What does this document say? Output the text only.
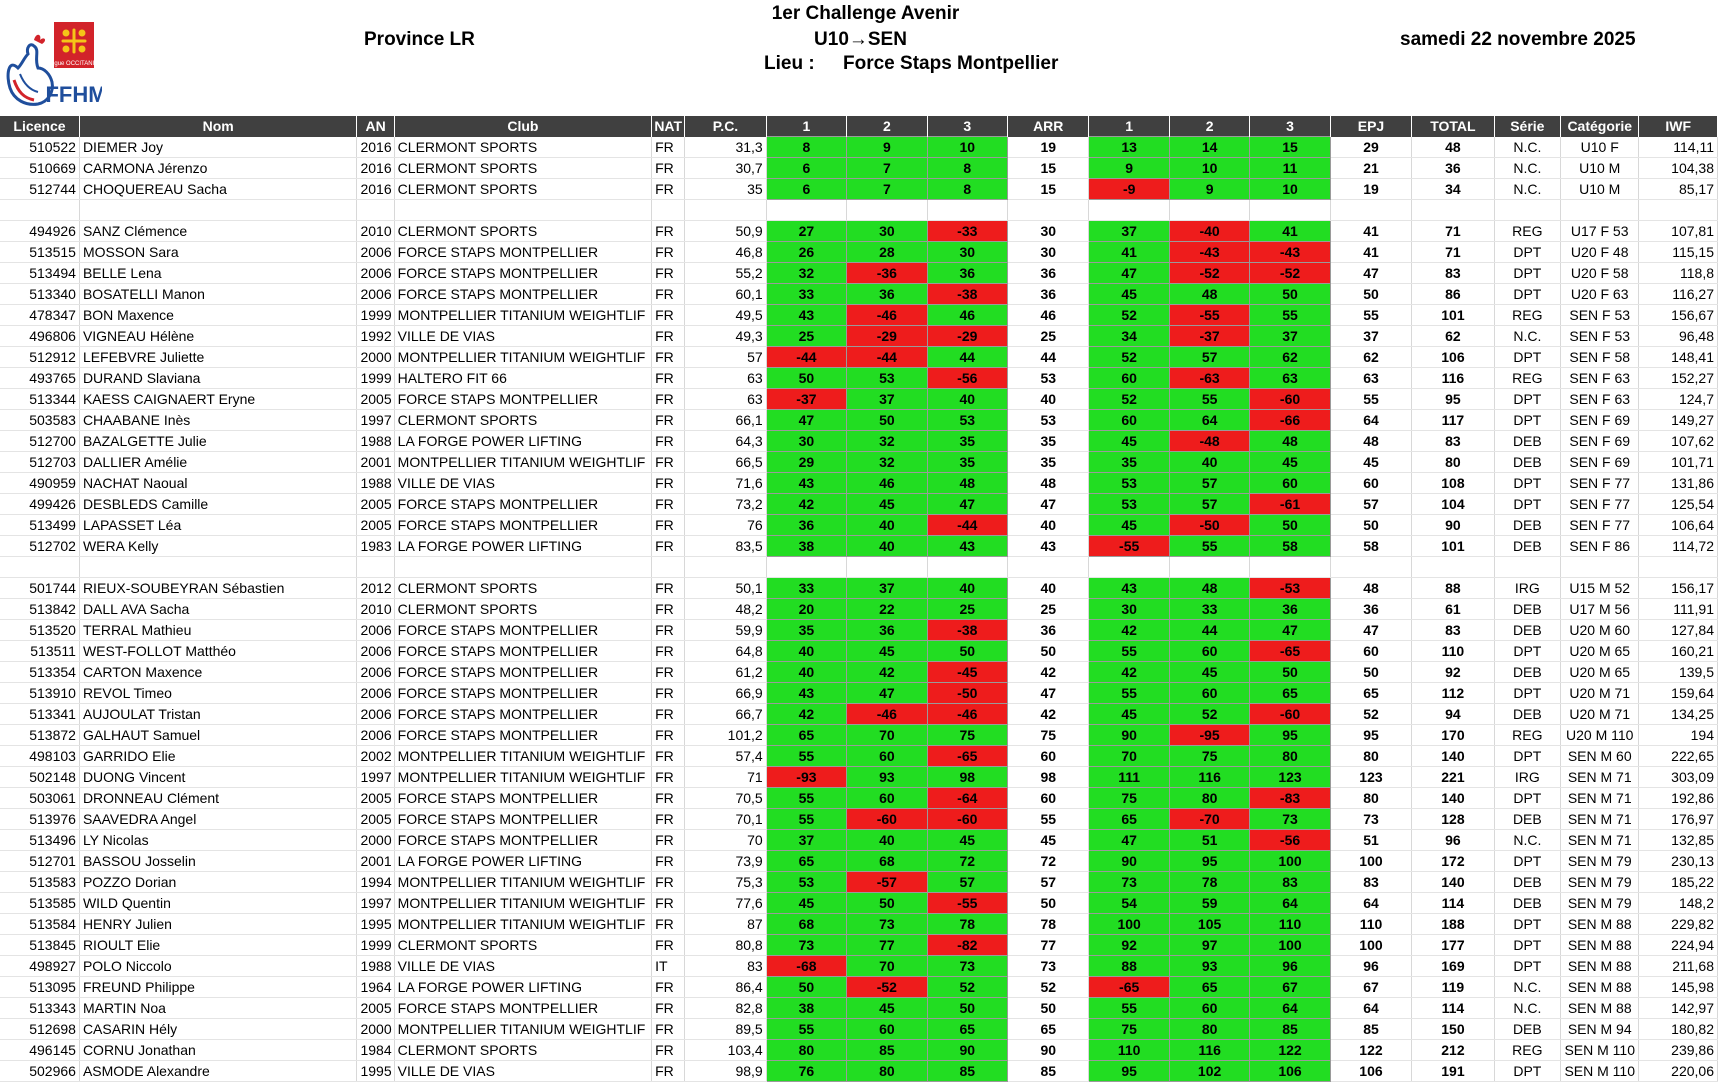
Ligue OCCITANIE
FFHM
1er Challenge Avenir
Province LR	U10→SEN	samedi 22 novembre 2025
Lieu : Force Staps Montpellier
Licence	Nom	AN	Club	NAT	P.C.	1	2	3	ARR	1	2	3	EPJ	TOTAL	Série	Catégorie	IWF
510522	DIEMER Joy	2016	CLERMONT SPORTS	FR	31,3	8	9	10	19	13	14	15	29	48	N.C.	U10 F	114,11
510669	CARMONA Jérenzo	2016	CLERMONT SPORTS	FR	30,7	6	7	8	15	9	10	11	21	36	N.C.	U10 M	104,38
512744	CHOQUEREAU Sacha	2016	CLERMONT SPORTS	FR	35	6	7	8	15	-9	9	10	19	34	N.C.	U10 M	85,17

494926	SANZ Clémence	2010	CLERMONT SPORTS	FR	50,9	27	30	-33	30	37	-40	41	41	71	REG	U17 F 53	107,81
513515	MOSSON Sara	2006	FORCE STAPS MONTPELLIER	FR	46,8	26	28	30	30	41	-43	-43	41	71	DPT	U20 F 48	115,15
513494	BELLE Lena	2006	FORCE STAPS MONTPELLIER	FR	55,2	32	-36	36	36	47	-52	-52	47	83	DPT	U20 F 58	118,8
513340	BOSATELLI Manon	2006	FORCE STAPS MONTPELLIER	FR	60,1	33	36	-38	36	45	48	50	50	86	DPT	U20 F 63	116,27
478347	BON Maxence	1999	MONTPELLIER TITANIUM WEIGHTLIF	FR	49,5	43	-46	46	46	52	-55	55	55	101	REG	SEN F 53	156,67
496806	VIGNEAU Hélène	1992	VILLE DE VIAS	FR	49,3	25	-29	-29	25	34	-37	37	37	62	N.C.	SEN F 53	96,48
512912	LEFEBVRE Juliette	2000	MONTPELLIER TITANIUM WEIGHTLIF	FR	57	-44	-44	44	44	52	57	62	62	106	DPT	SEN F 58	148,41
493765	DURAND Slaviana	1999	HALTERO FIT 66	FR	63	50	53	-56	53	60	-63	63	63	116	REG	SEN F 63	152,27
513344	KAESS CAIGNAERT Eryne	2005	FORCE STAPS MONTPELLIER	FR	63	-37	37	40	40	52	55	-60	55	95	DPT	SEN F 63	124,7
503583	CHAABANE Inès	1997	CLERMONT SPORTS	FR	66,1	47	50	53	53	60	64	-66	64	117	DPT	SEN F 69	149,27
512700	BAZALGETTE Julie	1988	LA FORGE POWER LIFTING	FR	64,3	30	32	35	35	45	-48	48	48	83	DEB	SEN F 69	107,62
512703	DALLIER Amélie	2001	MONTPELLIER TITANIUM WEIGHTLIF	FR	66,5	29	32	35	35	35	40	45	45	80	DEB	SEN F 69	101,71
490959	NACHAT Naoual	1988	VILLE DE VIAS	FR	71,6	43	46	48	48	53	57	60	60	108	DPT	SEN F 77	131,86
499426	DESBLEDS Camille	2005	FORCE STAPS MONTPELLIER	FR	73,2	42	45	47	47	53	57	-61	57	104	DPT	SEN F 77	125,54
513499	LAPASSET Léa	2005	FORCE STAPS MONTPELLIER	FR	76	36	40	-44	40	45	-50	50	50	90	DEB	SEN F 77	106,64
512702	WERA Kelly	1983	LA FORGE POWER LIFTING	FR	83,5	38	40	43	43	-55	55	58	58	101	DEB	SEN F 86	114,72

501744	RIEUX-SOUBEYRAN Sébastien	2012	CLERMONT SPORTS	FR	50,1	33	37	40	40	43	48	-53	48	88	IRG	U15 M 52	156,17
513842	DALL AVA Sacha	2010	CLERMONT SPORTS	FR	48,2	20	22	25	25	30	33	36	36	61	DEB	U17 M 56	111,91
513520	TERRAL Mathieu	2006	FORCE STAPS MONTPELLIER	FR	59,9	35	36	-38	36	42	44	47	47	83	DEB	U20 M 60	127,84
513511	WEST-FOLLOT Matthéo	2006	FORCE STAPS MONTPELLIER	FR	64,8	40	45	50	50	55	60	-65	60	110	DPT	U20 M 65	160,21
513354	CARTON Maxence	2006	FORCE STAPS MONTPELLIER	FR	61,2	40	42	-45	42	42	45	50	50	92	DEB	U20 M 65	139,5
513910	REVOL Timeo	2006	FORCE STAPS MONTPELLIER	FR	66,9	43	47	-50	47	55	60	65	65	112	DPT	U20 M 71	159,64
513341	AUJOULAT Tristan	2006	FORCE STAPS MONTPELLIER	FR	66,7	42	-46	-46	42	45	52	-60	52	94	DEB	U20 M 71	134,25
513872	GALHAUT Samuel	2006	FORCE STAPS MONTPELLIER	FR	101,2	65	70	75	75	90	-95	95	95	170	REG	U20 M 110	194
498103	GARRIDO Elie	2002	MONTPELLIER TITANIUM WEIGHTLIF	FR	57,4	55	60	-65	60	70	75	80	80	140	DPT	SEN M 60	222,65
502148	DUONG Vincent	1997	MONTPELLIER TITANIUM WEIGHTLIF	FR	71	-93	93	98	98	111	116	123	123	221	IRG	SEN M 71	303,09
503061	DRONNEAU Clément	2005	FORCE STAPS MONTPELLIER	FR	70,5	55	60	-64	60	75	80	-83	80	140	DPT	SEN M 71	192,86
513976	SAAVEDRA Angel	2005	FORCE STAPS MONTPELLIER	FR	70,1	55	-60	-60	55	65	-70	73	73	128	DEB	SEN M 71	176,97
513496	LY Nicolas	2000	FORCE STAPS MONTPELLIER	FR	70	37	40	45	45	47	51	-56	51	96	N.C.	SEN M 71	132,85
512701	BASSOU Josselin	2001	LA FORGE POWER LIFTING	FR	73,9	65	68	72	72	90	95	100	100	172	DPT	SEN M 79	230,13
513583	POZZO Dorian	1994	MONTPELLIER TITANIUM WEIGHTLIF	FR	75,3	53	-57	57	57	73	78	83	83	140	DEB	SEN M 79	185,22
513585	WILD Quentin	1997	MONTPELLIER TITANIUM WEIGHTLIF	FR	77,6	45	50	-55	50	54	59	64	64	114	DEB	SEN M 79	148,2
513584	HENRY Julien	1995	MONTPELLIER TITANIUM WEIGHTLIF	FR	87	68	73	78	78	100	105	110	110	188	DPT	SEN M 88	229,82
513845	RIOULT Elie	1999	CLERMONT SPORTS	FR	80,8	73	77	-82	77	92	97	100	100	177	DPT	SEN M 88	224,94
498927	POLO Niccolo	1988	VILLE DE VIAS	IT	83	-68	70	73	73	88	93	96	96	169	DPT	SEN M 88	211,68
513095	FREUND Philippe	1964	LA FORGE POWER LIFTING	FR	86,4	50	-52	52	52	-65	65	67	67	119	N.C.	SEN M 88	145,98
513343	MARTIN Noa	2005	FORCE STAPS MONTPELLIER	FR	82,8	38	45	50	50	55	60	64	64	114	N.C.	SEN M 88	142,97
512698	CASARIN Hély	2000	MONTPELLIER TITANIUM WEIGHTLIF	FR	89,5	55	60	65	65	75	80	85	85	150	DEB	SEN M 94	180,82
496145	CORNU Jonathan	1984	CLERMONT SPORTS	FR	103,4	80	85	90	90	110	116	122	122	212	REG	SEN M 110	239,86
502966	ASMODE Alexandre	1995	VILLE DE VIAS	FR	98,9	76	80	85	85	95	102	106	106	191	DPT	SEN M 110	220,06
